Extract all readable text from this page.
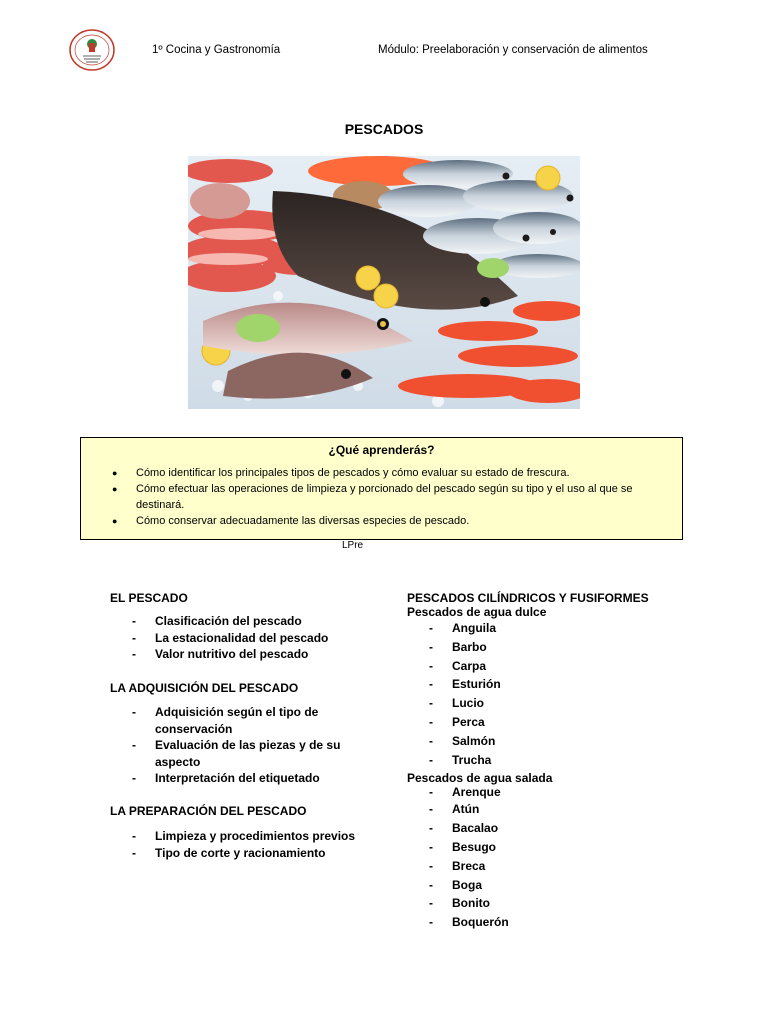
1º Cocina y Gastronomía	Módulo: Preelaboración y conservación de alimentos
PESCADOS
¿Qué aprenderás?
● Cómo identificar los principales tipos de pescados y cómo evaluar su estado de frescura.
● Cómo efectuar las operaciones de limpieza y porcionado del pescado según su tipo y el uso al que se destinará.
● Cómo conservar adecuadamente las diversas especies de pescado.
LPre
EL PESCADO
- Clasificación del pescado
- La estacionalidad del pescado
- Valor nutritivo del pescado
LA ADQUISICIÓN DEL PESCADO
- Adquisición según el tipo de conservación
- Evaluación de las piezas y de su aspecto
- Interpretación del etiquetado
LA PREPARACIÓN DEL PESCADO
- Limpieza y procedimientos previos
- Tipo de corte y racionamiento
PESCADOS CILÍNDRICOS Y FUSIFORMES
Pescados de agua dulce
- Anguila
- Barbo
- Carpa
- Esturión
- Lucio
- Perca
- Salmón
- Trucha
Pescados de agua salada
- Arenque
- Atún
- Bacalao
- Besugo
- Breca
- Boga
- Bonito
- Boquerón
